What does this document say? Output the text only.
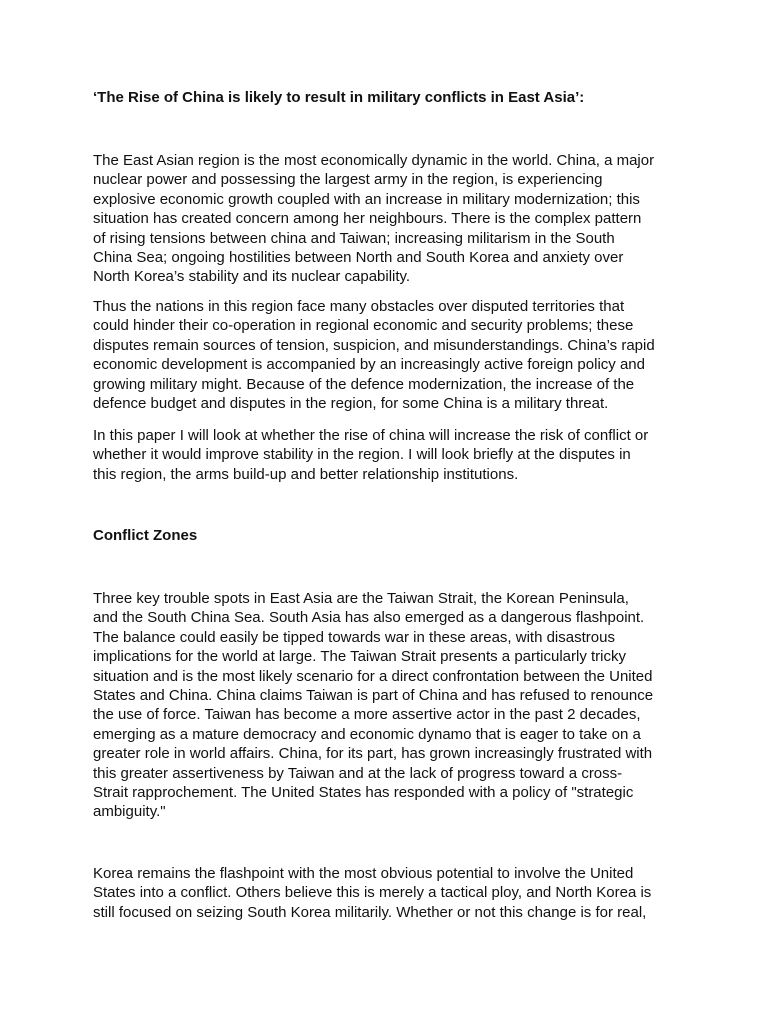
‘The Rise of China is likely to result in military conflicts in East Asia’:

The East Asian region is the most economically dynamic in the world. China, a major
nuclear power and possessing the largest army in the region, is experiencing
explosive economic growth coupled with an increase in military modernization; this
situation has created concern among her neighbours. There is the complex pattern
of rising tensions between china and Taiwan; increasing militarism in the South
China Sea; ongoing hostilities between North and South Korea and anxiety over
North Korea’s stability and its nuclear capability.

Thus the nations in this region face many obstacles over disputed territories that
could hinder their co-operation in regional economic and security problems; these
disputes remain sources of tension, suspicion, and misunderstandings. China’s rapid
economic development is accompanied by an increasingly active foreign policy and
growing military might. Because of the defence modernization, the increase of the
defence budget and disputes in the region, for some China is a military threat.

In this paper I will look at whether the rise of china will increase the risk of conflict or
whether it would improve stability in the region. I will look briefly at the disputes in
this region, the arms build-up and better relationship institutions.

Conflict Zones

Three key trouble spots in East Asia are the Taiwan Strait, the Korean Peninsula,
and the South China Sea. South Asia has also emerged as a dangerous flashpoint.
The balance could easily be tipped towards war in these areas, with disastrous
implications for the world at large. The Taiwan Strait presents a particularly tricky
situation and is the most likely scenario for a direct confrontation between the United
States and China. China claims Taiwan is part of China and has refused to renounce
the use of force. Taiwan has become a more assertive actor in the past 2 decades,
emerging as a mature democracy and economic dynamo that is eager to take on a
greater role in world affairs. China, for its part, has grown increasingly frustrated with
this greater assertiveness by Taiwan and at the lack of progress toward a cross-
Strait rapprochement. The United States has responded with a policy of "strategic
ambiguity."

Korea remains the flashpoint with the most obvious potential to involve the United
States into a conflict. Others believe this is merely a tactical ploy, and North Korea is
still focused on seizing South Korea militarily. Whether or not this change is for real,
